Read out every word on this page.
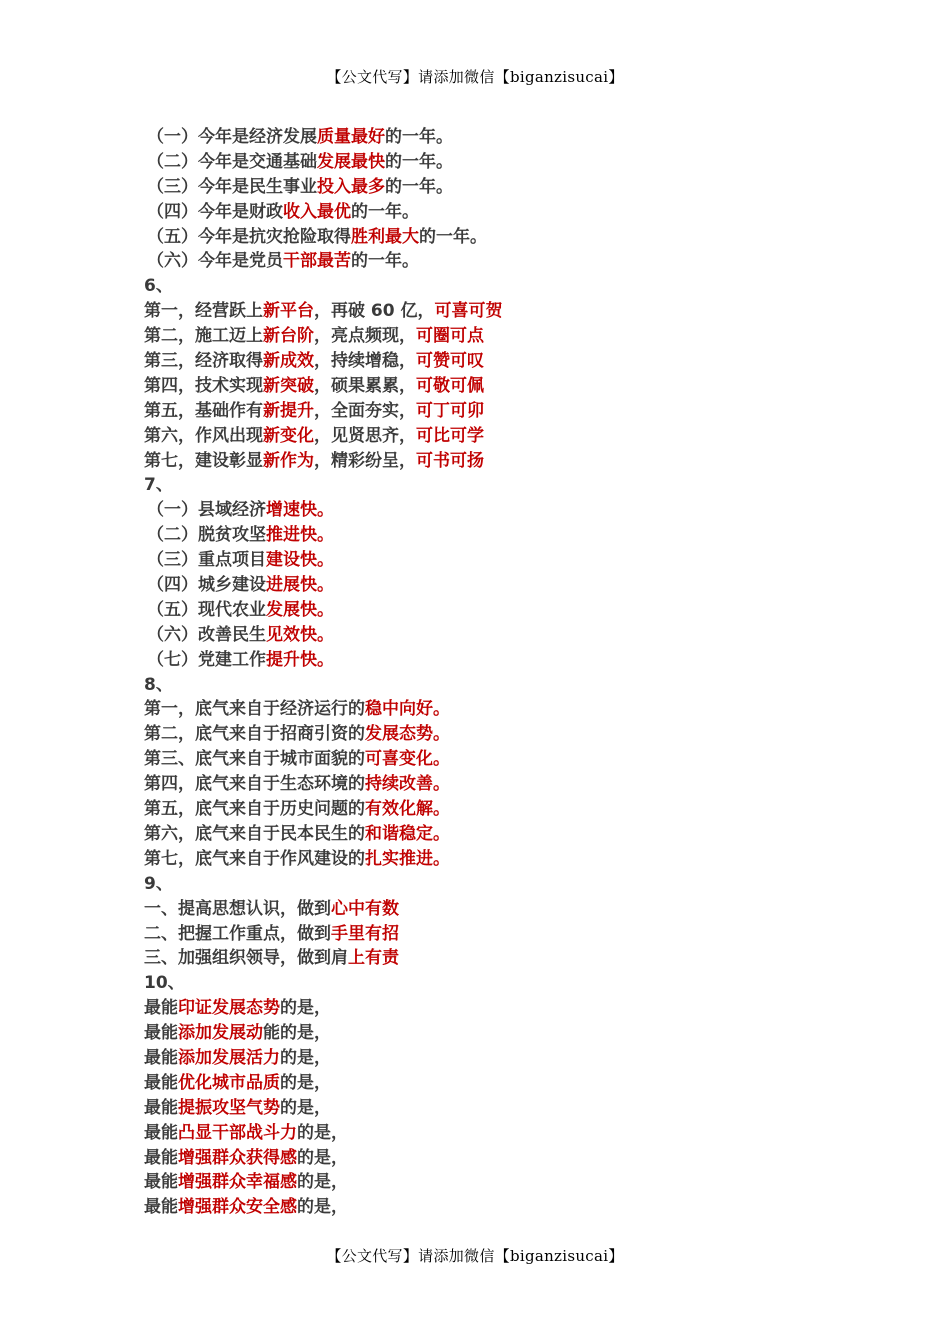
【公文代写】请添加微信【biganzisucai】
（一）今年是经济发展质量最好的一年。
（二）今年是交通基础发展最快的一年。
（三）今年是民生事业投入最多的一年。
（四）今年是财政收入最优的一年。
（五）今年是抗灾抢险取得胜利最大的一年。
（六）今年是党员干部最苦的一年。
6、
第一，经营跃上新平台，再破 60 亿，可喜可贺
第二，施工迈上新台阶，亮点频现，可圈可点
第三，经济取得新成效，持续增稳，可赞可叹
第四，技术实现新突破，硕果累累，可敬可佩
第五，基础作有新提升，全面夯实，可丁可卯
第六，作风出现新变化，见贤思齐，可比可学
第七，建设彰显新作为，精彩纷呈，可书可扬
7、
（一）县域经济增速快。
（二）脱贫攻坚推进快。
（三）重点项目建设快。
（四）城乡建设进展快。
（五）现代农业发展快。
（六）改善民生见效快。
（七）党建工作提升快。
8、
第一，底气来自于经济运行的稳中向好。
第二，底气来自于招商引资的发展态势。
第三、底气来自于城市面貌的可喜变化。
第四，底气来自于生态环境的持续改善。
第五，底气来自于历史问题的有效化解。
第六，底气来自于民本民生的和谐稳定。
第七，底气来自于作风建设的扎实推进。
9、
一、提高思想认识，做到心中有数
二、把握工作重点，做到手里有招
三、加强组织领导，做到肩上有责
10、
最能印证发展态势的是，
最能添加发展动能的是，
最能添加发展活力的是，
最能优化城市品质的是，
最能提振攻坚气势的是，
最能凸显干部战斗力的是，
最能增强群众获得感的是，
最能增强群众幸福感的是，
最能增强群众安全感的是，
【公文代写】请添加微信【biganzisucai】
